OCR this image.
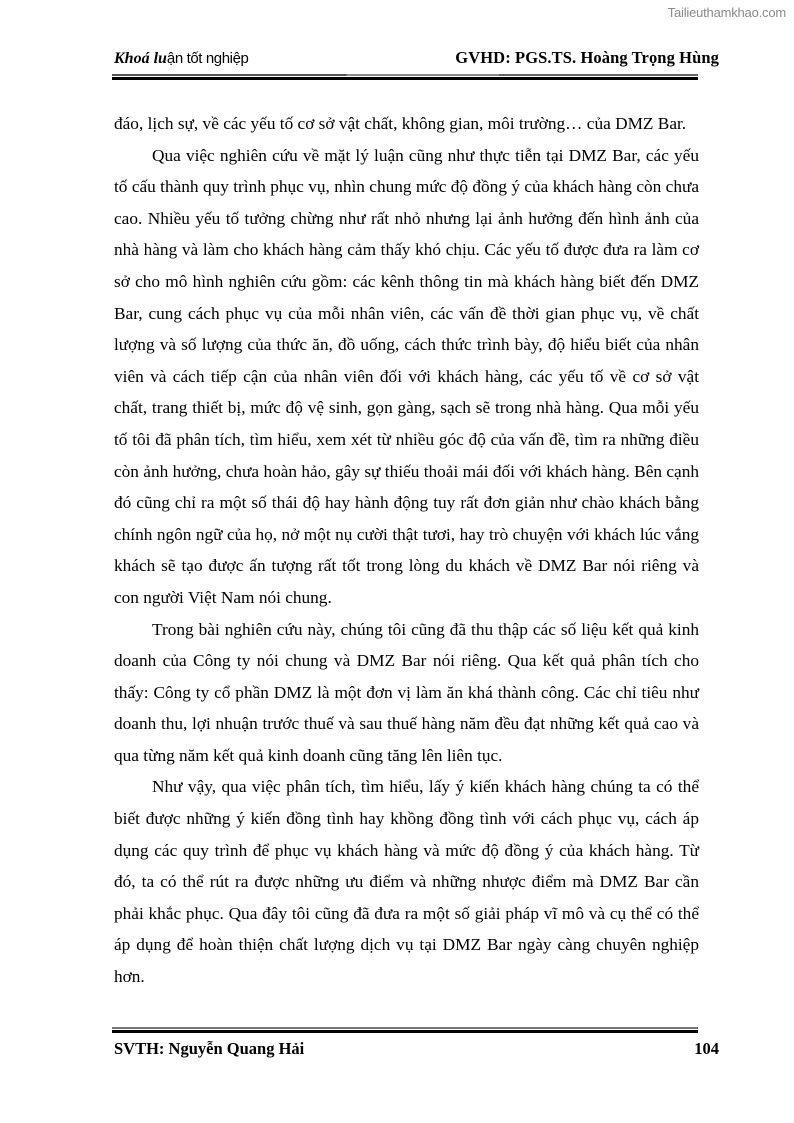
Tailieuthamkhao.com
Khoá luận tốt nghiệp	GVHD: PGS.TS. Hoàng Trọng Hùng

đáo, lịch sự, về các yếu tố cơ sở vật chất, không gian, môi trường… của DMZ Bar.

Qua việc nghiên cứu về mặt lý luận cũng như thực tiễn tại DMZ Bar, các yếu tố cấu thành quy trình phục vụ, nhìn chung mức độ đồng ý của khách hàng còn chưa cao. Nhiều yếu tố tưởng chừng như rất nhỏ nhưng lại ảnh hưởng đến hình ảnh của nhà hàng và làm cho khách hàng cảm thấy khó chịu. Các yếu tố được đưa ra làm cơ sở cho mô hình nghiên cứu gồm: các kênh thông tin mà khách hàng biết đến DMZ Bar, cung cách phục vụ của mỗi nhân viên, các vấn đề thời gian phục vụ, về chất lượng và số lượng của thức ăn, đồ uống, cách thức trình bày, độ hiểu biết của nhân viên và cách tiếp cận của nhân viên đối với khách hàng, các yếu tố về cơ sở vật chất, trang thiết bị, mức độ vệ sinh, gọn gàng, sạch sẽ trong nhà hàng. Qua mỗi yếu tố tôi đã phân tích, tìm hiểu, xem xét từ nhiều góc độ của vấn đề, tìm ra những điều còn ảnh hưởng, chưa hoàn hảo, gây sự thiếu thoải mái đối với khách hàng. Bên cạnh đó cũng chỉ ra một số thái độ hay hành động tuy rất đơn giản như chào khách bằng chính ngôn ngữ của họ, nở một nụ cười thật tươi, hay trò chuyện với khách lúc vắng khách sẽ tạo được ấn tượng rất tốt trong lòng du khách về DMZ Bar nói riêng và con người Việt Nam nói chung.

Trong bài nghiên cứu này, chúng tôi cũng đã thu thập các số liệu kết quả kinh doanh của Công ty nói chung và DMZ Bar nói riêng. Qua kết quả phân tích cho thấy: Công ty cổ phần DMZ là một đơn vị làm ăn khá thành công. Các chỉ tiêu như doanh thu, lợi nhuận trước thuế và sau thuế hàng năm đều đạt những kết quả cao và qua từng năm kết quả kinh doanh cũng tăng lên liên tục.

Như vậy, qua việc phân tích, tìm hiểu, lấy ý kiến khách hàng chúng ta có thể biết được những ý kiến đồng tình hay khồng đồng tình với cách phục vụ, cách áp dụng các quy trình để phục vụ khách hàng và mức độ đồng ý của khách hàng. Từ đó, ta có thể rút ra được những ưu điểm và những nhược điểm mà DMZ Bar cần phải khắc phục. Qua đây tôi cũng đã đưa ra một số giải pháp vĩ mô và cụ thể có thể áp dụng để hoàn thiện chất lượng dịch vụ tại DMZ Bar ngày càng chuyên nghiệp hơn.

SVTH: Nguyễn Quang Hải	104
